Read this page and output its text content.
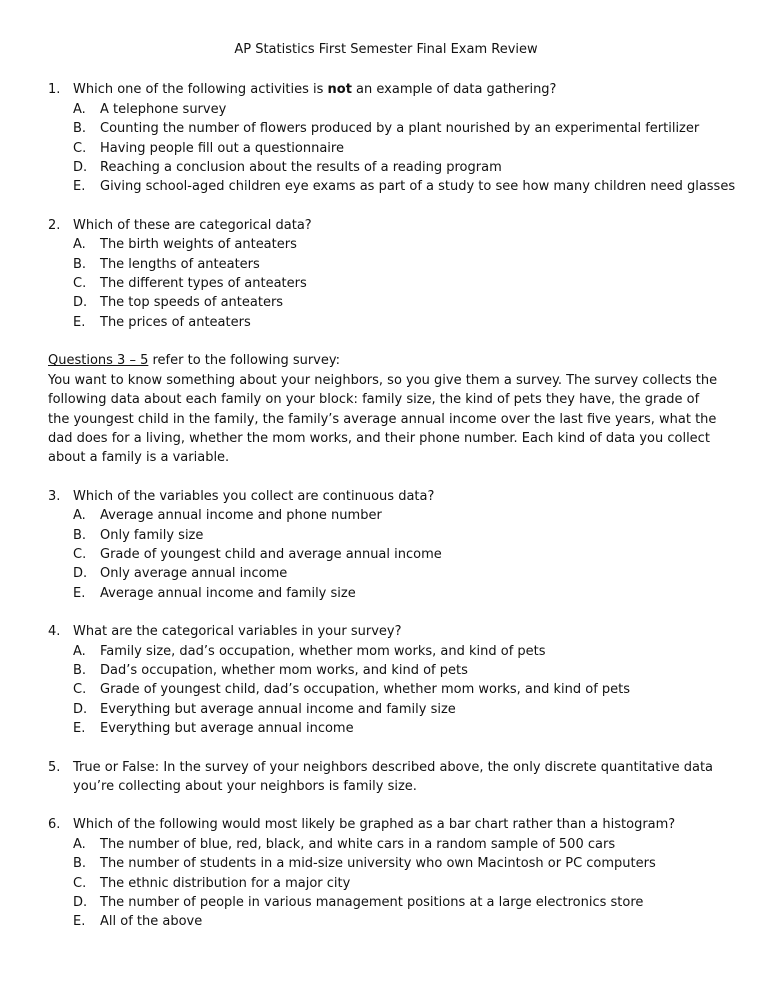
AP Statistics First Semester Final Exam Review
1. Which one of the following activities is not an example of data gathering?
A.	A telephone survey
B.	Counting the number of flowers produced by a plant nourished by an experimental fertilizer
C.	Having people fill out a questionnaire
D. Reaching a conclusion about the results of a reading program
E.	Giving school-aged children eye exams as part of a study to see how many children need glasses
2. Which of these are categorical data?
A.	The birth weights of anteaters
B.	The lengths of anteaters
C.	The different types of anteaters
D. The top speeds of anteaters
E.	The prices of anteaters
Questions 3 – 5 refer to the following survey:

You want to know something about your neighbors, so you give them a survey. The survey collects the following data about each family on your block: family size, the kind of pets they have, the grade of the youngest child in the family, the family’s average annual income over the last five years, what the dad does for a living, whether the mom works, and their phone number. Each kind of data you collect about a family is a variable.

3. Which of the variables you collect are continuous data?
A.	Average annual income and phone number
B.	Only family size
C.	Grade of youngest child and average annual income
D. Only average annual income
E.	Average annual income and family size
4. What are the categorical variables in your survey?
A.	Family size, dad’s occupation, whether mom works, and kind of pets
B.	Dad’s occupation, whether mom works, and kind of pets
C.	Grade of youngest child, dad’s occupation, whether mom works, and kind of pets
D. Everything but average annual income and family size
E.	Everything but average annual income
5. True or False: In the survey of your neighbors described above, the only discrete quantitative data you’re collecting about your neighbors is family size.
6. Which of the following would most likely be graphed as a bar chart rather than a histogram?
A.	The number of blue, red, black, and white cars in a random sample of 500 cars
B.	The number of students in a mid-size university who own Macintosh or PC computers
C.	The ethnic distribution for a major city
D. The number of people in various management positions at a large electronics store
E.	All of the above
